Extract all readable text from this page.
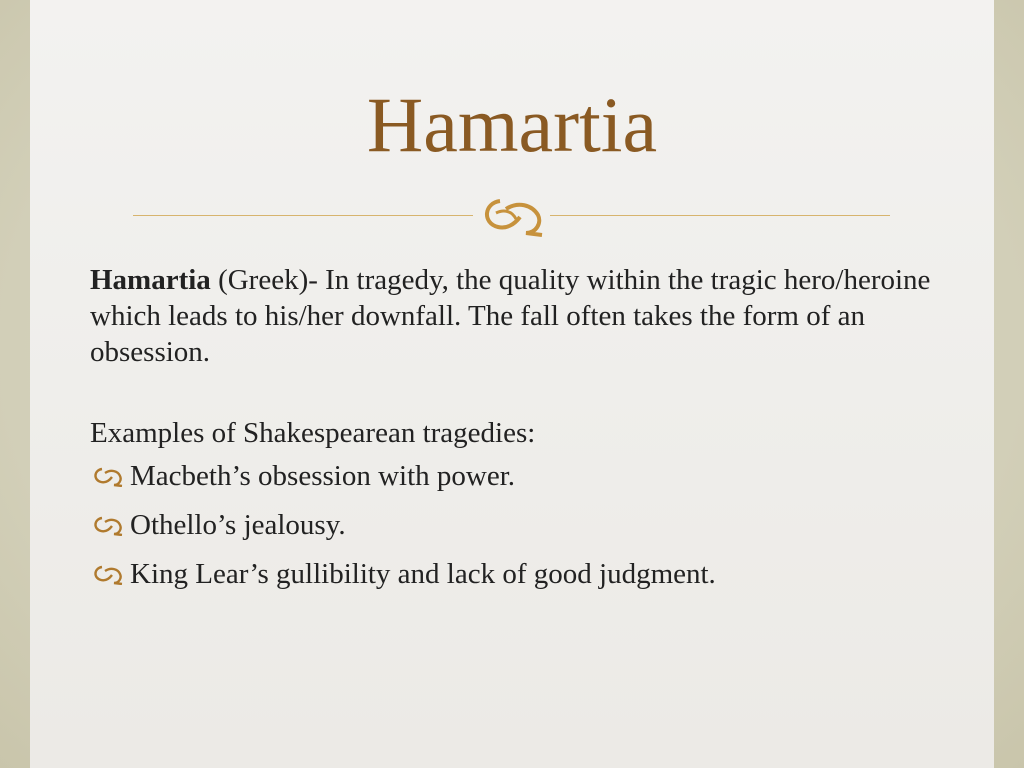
Hamartia

Hamartia (Greek)- In tragedy, the quality within the tragic hero/heroine which leads to his/her downfall. The fall often takes the form of an obsession.

Examples of Shakespearean tragedies:

Macbeth’s obsession with power.
Othello’s jealousy.
King Lear’s gullibility and lack of good judgment.
